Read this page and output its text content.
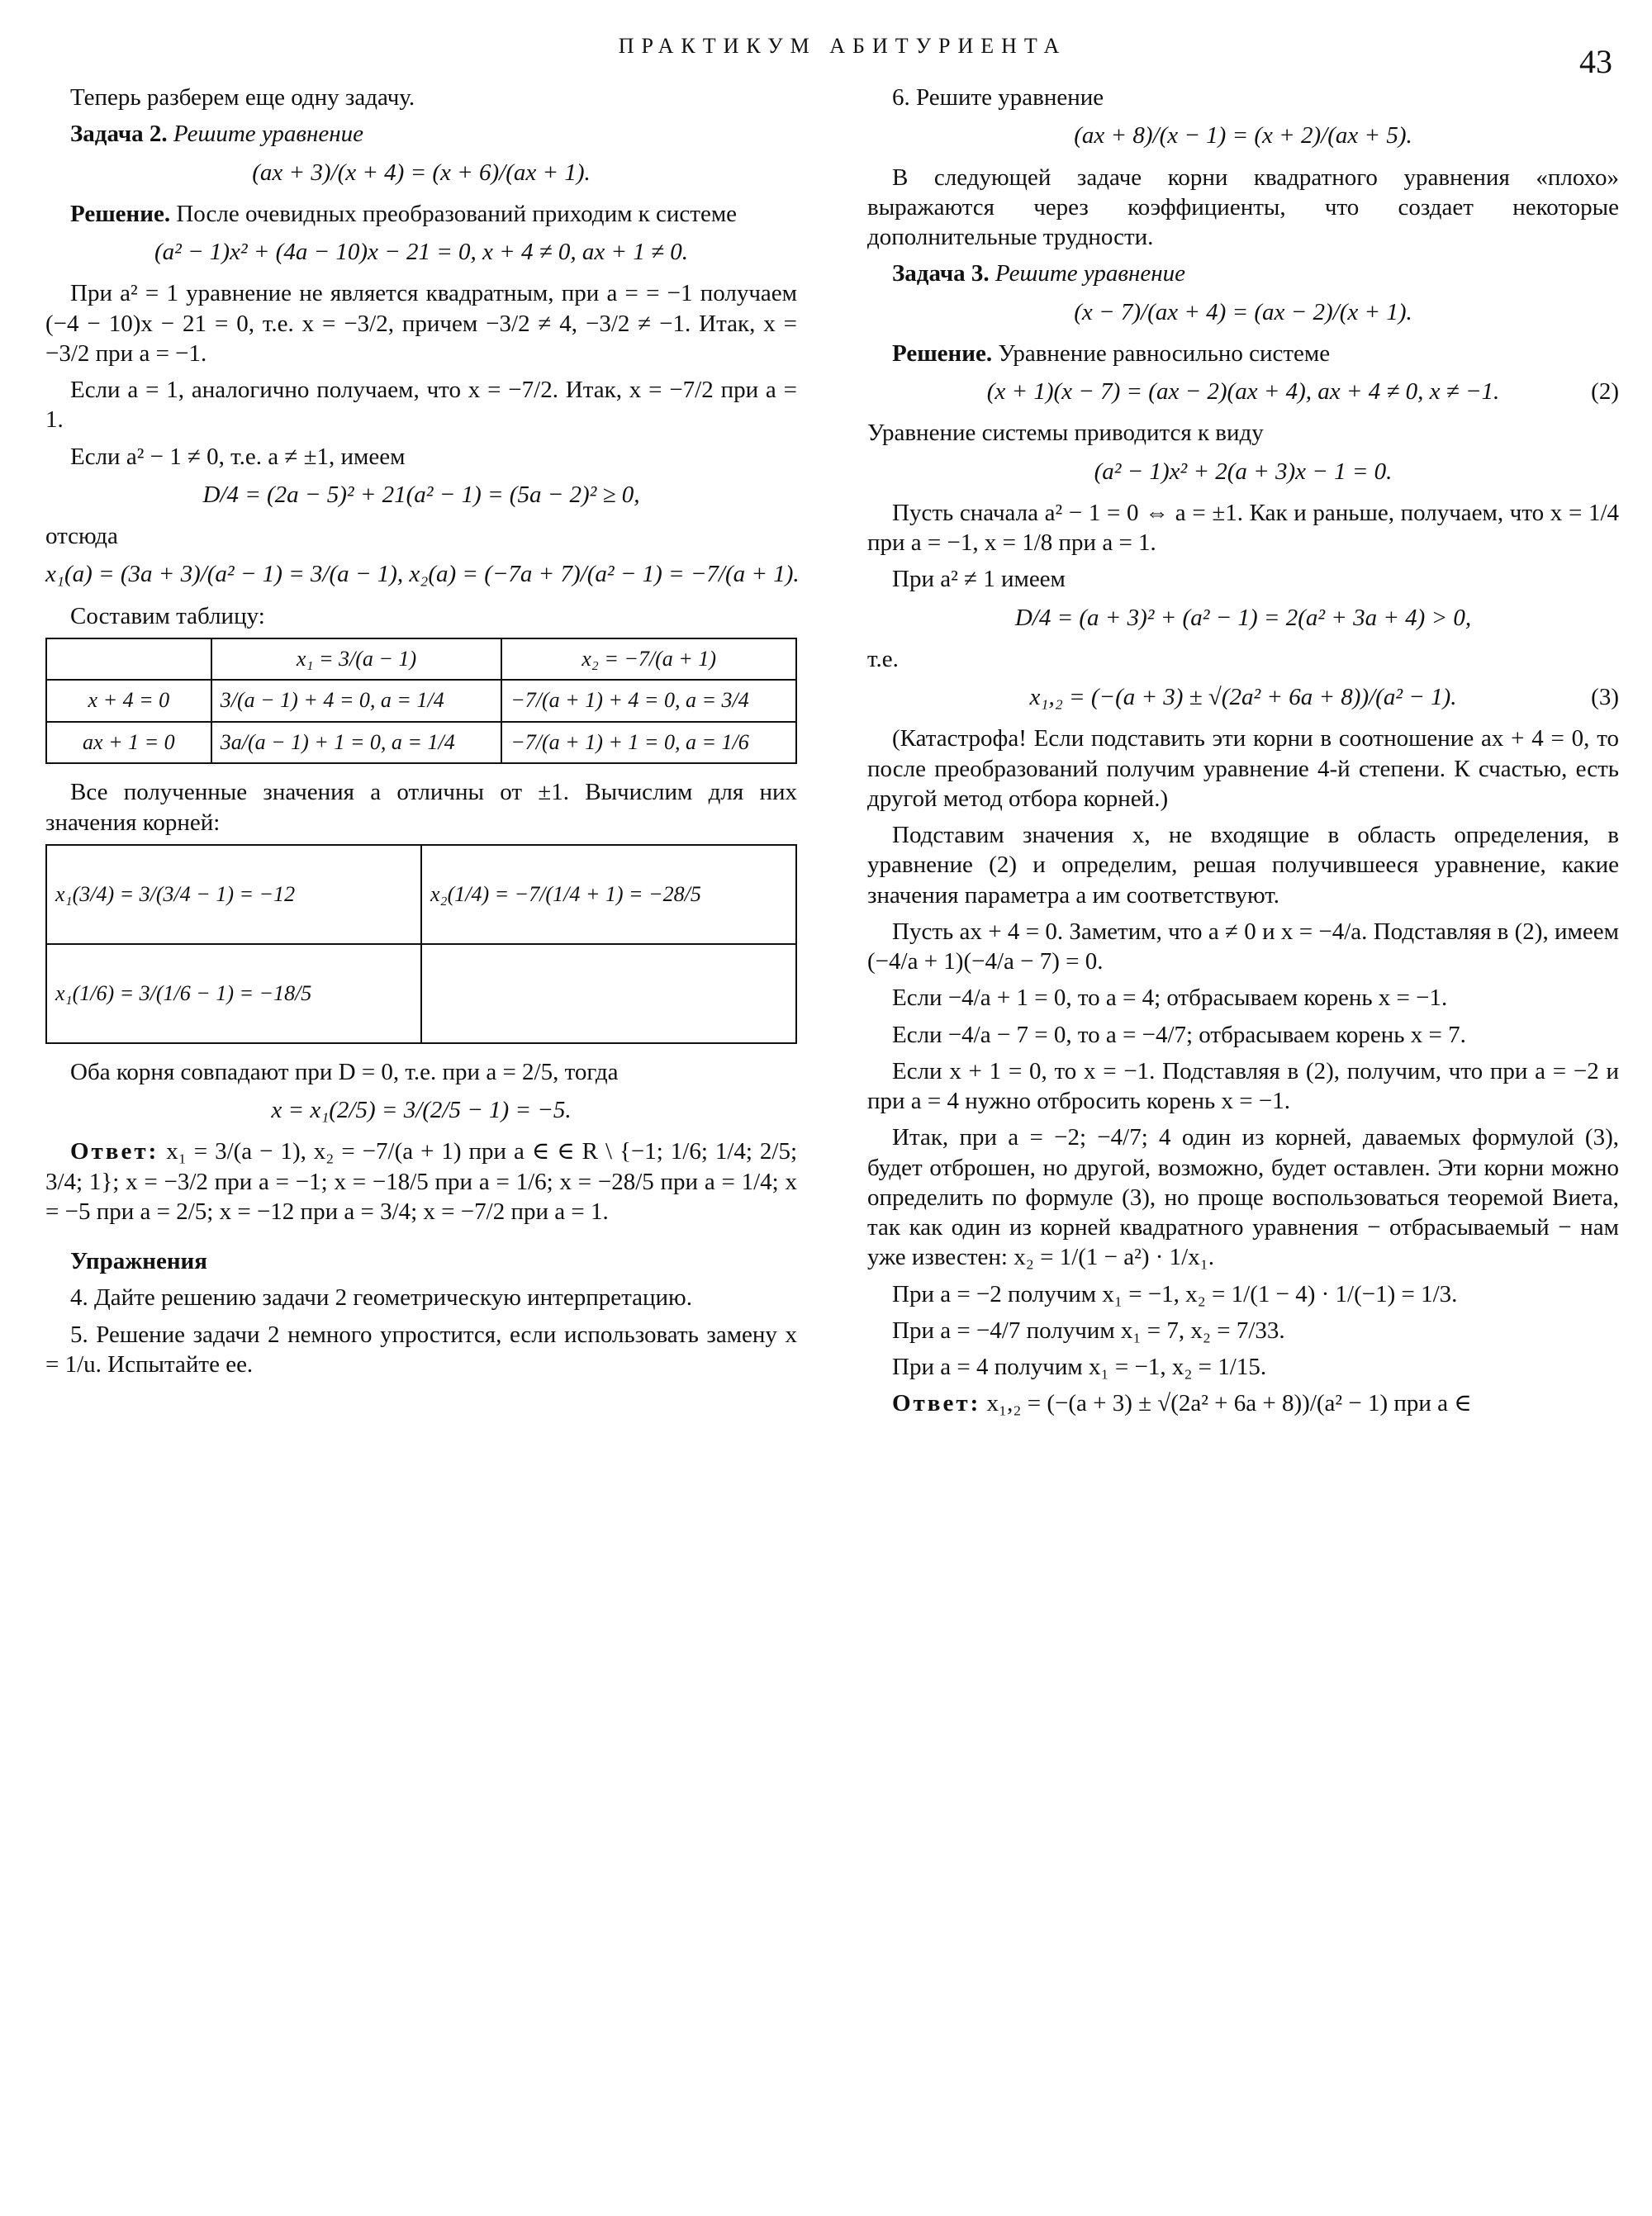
ПРАКТИКУМ АБИТУРИЕНТА	43

Теперь разберем еще одну задачу.

Задача 2. Решите уравнение

(ax + 3)/(x + 4) = (x + 6)/(ax + 1).

Решение. После очевидных преобразований приходим к системе

(a² − 1)x² + (4a − 10)x − 21 = 0, x + 4 ≠ 0, ax + 1 ≠ 0.

При a² = 1 уравнение не является квадратным, при a = = −1 получаем (−4 − 10)x − 21 = 0, т.е. x = −3/2, причем −3/2 ≠ 4, −3/2 ≠ −1. Итак, x = −3/2 при a = −1.

Если a = 1, аналогично получаем, что x = −7/2. Итак, x = −7/2 при a = 1.

Если a² − 1 ≠ 0, т.е. a ≠ ±1, имеем

D/4 = (2a − 5)² + 21(a² − 1) = (5a − 2)² ≥ 0,

отсюда

x₁(a) = (3a + 3)/(a² − 1) = 3/(a − 1), x₂(a) = (−7a + 7)/(a² − 1) = −7/(a + 1).

Составим таблицу:

	x₁ = 3/(a − 1)	x₂ = −7/(a + 1)
x + 4 = 0	3/(a − 1) + 4 = 0, a = 1/4	−7/(a + 1) + 4 = 0, a = 3/4
ax + 1 = 0	3a/(a − 1) + 1 = 0, a = 1/4	−7/(a + 1) + 1 = 0, a = 1/6

Все полученные значения a отличны от ±1. Вычислим для них значения корней:

x₁(3/4) = 3/(3/4 − 1) = −12	x₂(1/4) = −7/(1/4 + 1) = −28/5
x₁(1/6) = 3/(1/6 − 1) = −18/5	

Оба корня совпадают при D = 0, т.е. при a = 2/5, тогда

x = x₁(2/5) = 3/(2/5 − 1) = −5.

Ответ: x₁ = 3/(a − 1), x₂ = −7/(a + 1) при a ∈ ∈ R \ {−1; 1/6; 1/4; 2/5; 3/4; 1}; x = −3/2 при a = −1; x = −18/5 при a = 1/6; x = −28/5 при a = 1/4; x = −5 при a = 2/5; x = −12 при a = 3/4; x = −7/2 при a = 1.

Упражнения

4. Дайте решению задачи 2 геометрическую интерпретацию.

5. Решение задачи 2 немного упростится, если использовать замену x = 1/u. Испытайте ее.

6. Решите уравнение

(ax + 8)/(x − 1) = (x + 2)/(ax + 5).

В следующей задаче корни квадратного уравнения «плохо» выражаются через коэффициенты, что создает некоторые дополнительные трудности.

Задача 3. Решите уравнение

(x − 7)/(ax + 4) = (ax − 2)/(x + 1).

Решение. Уравнение равносильно системе

(x + 1)(x − 7) = (ax − 2)(ax + 4), ax + 4 ≠ 0, x ≠ −1.	(2)

Уравнение системы приводится к виду

(a² − 1)x² + 2(a + 3)x − 1 = 0.

Пусть сначала a² − 1 = 0 ⇔ a = ±1. Как и раньше, получаем, что x = 1/4 при a = −1, x = 1/8 при a = 1.

При a² ≠ 1 имеем

D/4 = (a + 3)² + (a² − 1) = 2(a² + 3a + 4) > 0,

т.е.

x₁,₂ = (−(a + 3) ± √(2a² + 6a + 8))/(a² − 1).	(3)

(Катастрофа! Если подставить эти корни в соотношение ax + 4 = 0, то после преобразований получим уравнение 4-й степени. К счастью, есть другой метод отбора корней.)

Подставим значения x, не входящие в область определения, в уравнение (2) и определим, решая получившееся уравнение, какие значения параметра a им соответствуют.

Пусть ax + 4 = 0. Заметим, что a ≠ 0 и x = −4/a. Подставляя в (2), имеем (−4/a + 1)(−4/a − 7) = 0.

Если −4/a + 1 = 0, то a = 4; отбрасываем корень x = −1.

Если −4/a − 7 = 0, то a = −4/7; отбрасываем корень x = 7.

Если x + 1 = 0, то x = −1. Подставляя в (2), получим, что при a = −2 и при a = 4 нужно отбросить корень x = −1.

Итак, при a = −2; −4/7; 4 один из корней, даваемых формулой (3), будет отброшен, но другой, возможно, будет оставлен. Эти корни можно определить по формуле (3), но проще воспользоваться теоремой Виета, так как один из корней квадратного уравнения − отбрасываемый − нам уже известен: x₂ = 1/(1 − a²) · 1/x₁.

При a = −2 получим x₁ = −1, x₂ = 1/(1 − 4) · 1/(−1) = 1/3.

При a = −4/7 получим x₁ = 7, x₂ = 7/33.

При a = 4 получим x₁ = −1, x₂ = 1/15.

Ответ: x₁,₂ = (−(a + 3) ± √(2a² + 6a + 8))/(a² − 1) при a ∈
